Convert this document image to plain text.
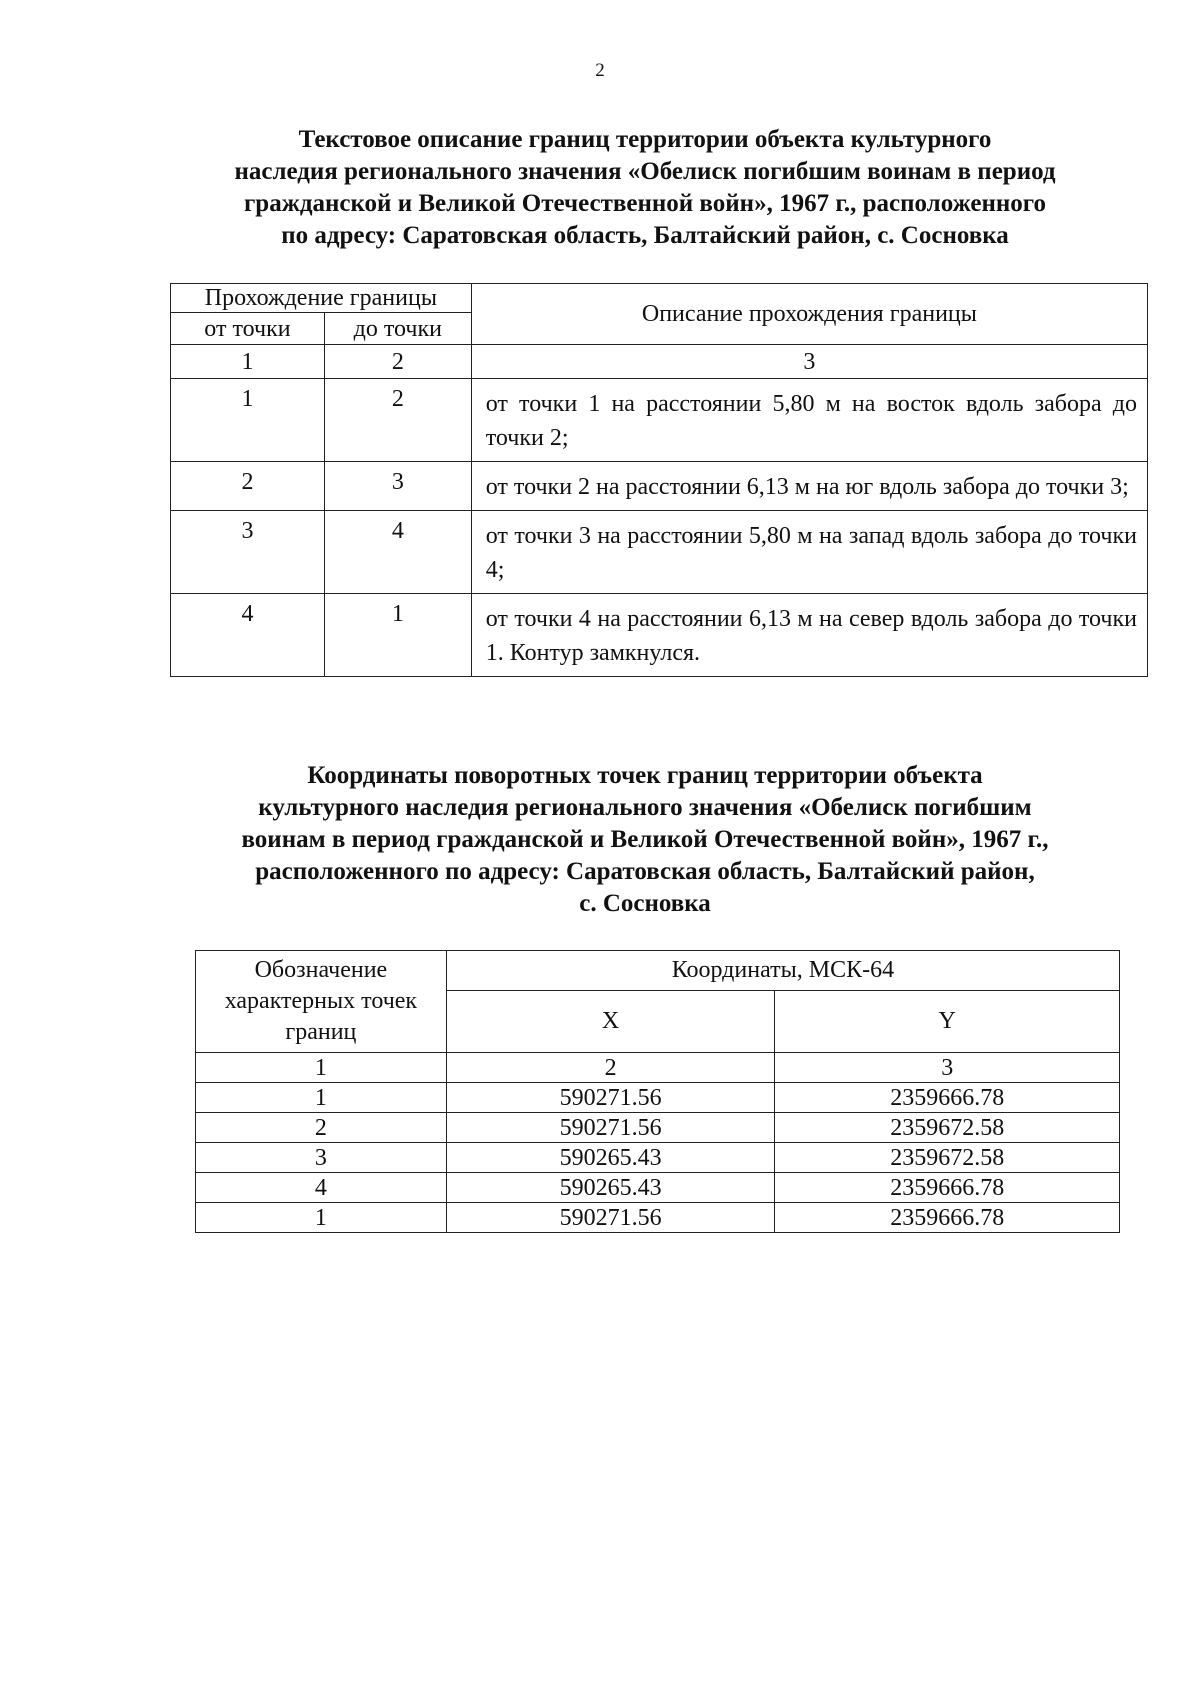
2
Текстовое описание границ территории объекта культурного
наследия регионального значения «Обелиск погибшим воинам в период
гражданской и Великой Отечественной войн», 1967 г., расположенного
по адресу: Саратовская область, Балтайский район, с. Сосновка
Прохождение границы		Описание прохождения границы
от точки	до точки	
1	2	3
1	2	от точки 1 на расстоянии 5,80 м на восток вдоль забора до точки 2;
2	3	от точки 2 на расстоянии 6,13 м на юг вдоль забора до точки 3;
3	4	от точки 3 на расстоянии 5,80 м на запад вдоль забора до точки 4;
4	1	от точки 4 на расстоянии 6,13 м на север вдоль забора до точки 1. Контур замкнулся.
Координаты поворотных точек границ территории объекта
культурного наследия регионального значения «Обелиск погибшим
воинам в период гражданской и Великой Отечественной войн», 1967 г.,
расположенного по адресу: Саратовская область, Балтайский район,
с. Сосновка
Обозначение характерных точек границ	Координаты, МСК-64	
	X	Y
1	2	3
1	590271.56	2359666.78
2	590271.56	2359672.58
3	590265.43	2359672.58
4	590265.43	2359666.78
1	590271.56	2359666.78
